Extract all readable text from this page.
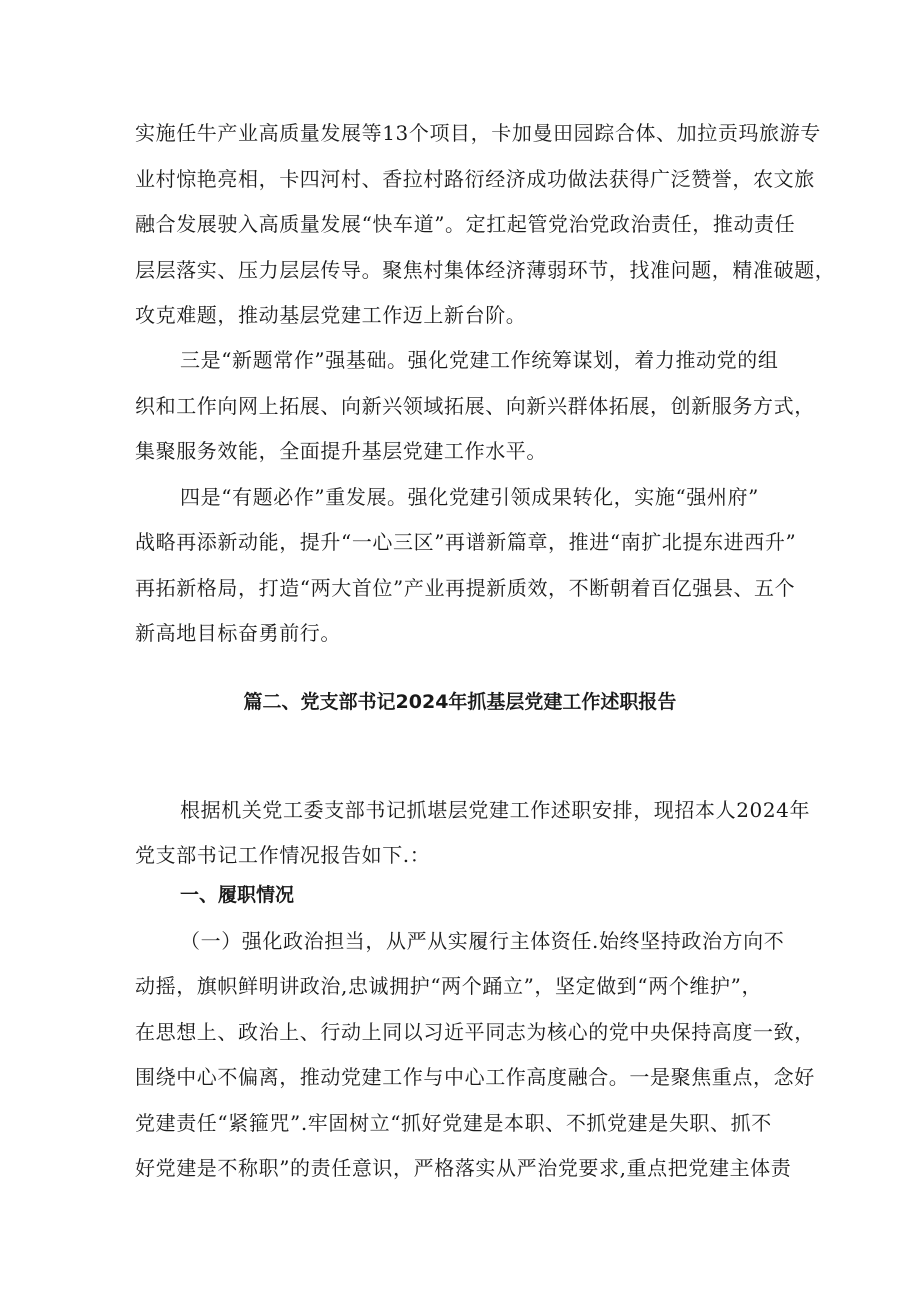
实施任牛产业高质量发展等13个项目，卡加曼田园踪合体、加拉贡玛旅游专
业村惊艳亮相，卡四河村、香拉村路衍经济成功做法获得广泛赞誉，农文旅
融合发展驶入高质量发展“快车道”。定扛起管党治党政治责任，推动责任
层层落实、压力层层传导。聚焦村集体经济薄弱环节，找准问题，精准破题，
攻克难题，推动基层党建工作迈上新台阶。
三是“新题常作”强基础。强化党建工作统筹谋划，着力推动党的组
织和工作向网上拓展、向新兴领域拓展、向新兴群体拓展，创新服务方式，
集聚服务效能，全面提升基层党建工作水平。
四是“有题必作”重发展。强化党建引领成果转化，实施“强州府”
战略再添新动能，提升“一心三区”再谱新篇章，推进“南扩北提东进西升”
再拓新格局，打造“两大首位”产业再提新质效，不断朝着百亿强县、五个
新高地目标奋勇前行。
篇二、党支部书记2024年抓基层党建工作述职报告
根据机关党工委支部书记抓堪层党建工作述职安排，现招本人2024年
党支部书记工作情况报告如下.：
一、履职情况
（一）强化政治担当，从严从实履行主体资任.始终坚持政治方向不
动摇，旗帜鲜明讲政治,忠诚拥护“两个踊立”，坚定做到“两个维护”，
在思想上、政治上、行动上同以习近平同志为核心的党中央保持高度一致，
围绕中心不偏离，推动党建工作与中心工作高度融合。一是聚焦重点，念好
党建责任“紧箍咒”.牢固树立“抓好党建是本职、不抓党建是失职、抓不
好党建是不称职”的责任意识，严格落实从严治党要求,重点把党建主体责
